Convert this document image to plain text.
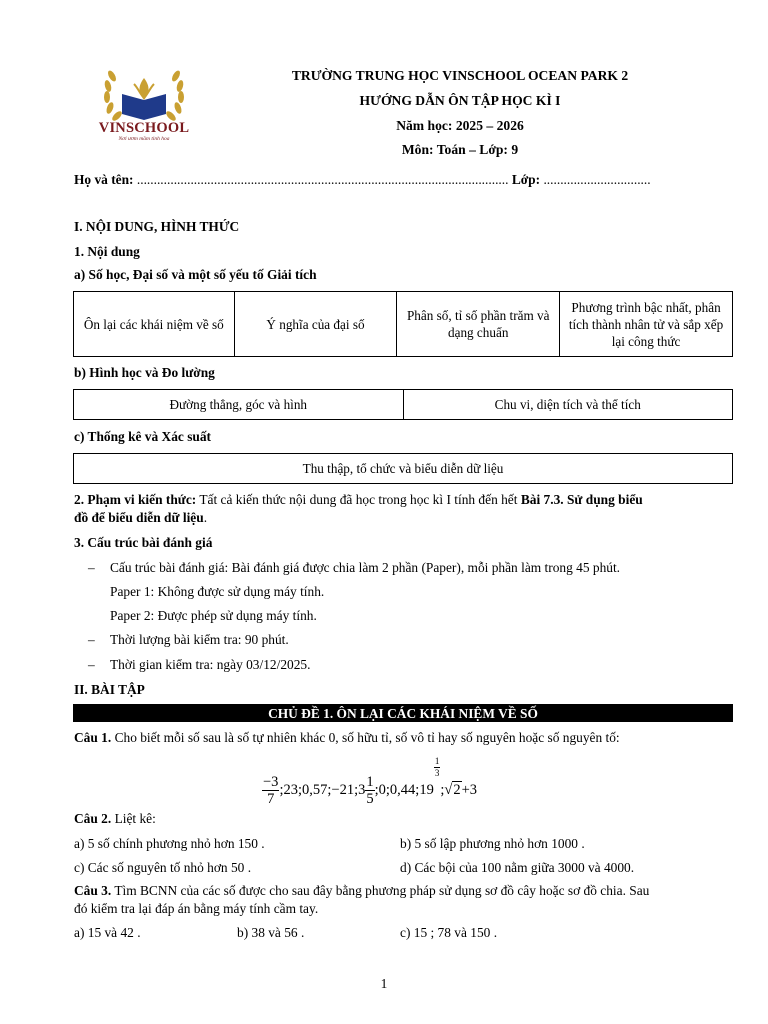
VINSCHOOL
Nơi ươm mầm tinh hoa
TRƯỜNG TRUNG HỌC VINSCHOOL OCEAN PARK 2
HƯỚNG DẪN ÔN TẬP HỌC KÌ I
Năm học: 2025 – 2026
Môn: Toán – Lớp: 9
Họ và tên: ............................................................................................................... Lớp: ................................
I. NỘI DUNG, HÌNH THỨC
1. Nội dung
a) Số học, Đại số và một số yếu tố Giải tích
Ôn lại các khái niệm về số	Ý nghĩa của đại số	Phân số, tỉ số phần trăm và dạng chuẩn	Phương trình bậc nhất, phân tích thành nhân tử và sắp xếp lại công thức
b) Hình học và Đo lường
Đường thẳng, góc và hình	Chu vi, diện tích và thể tích
c) Thống kê và Xác suất
Thu thập, tổ chức và biểu diễn dữ liệu
2. Phạm vi kiến thức: Tất cả kiến thức nội dung đã học trong học kì I tính đến hết Bài 7.3. Sử dụng biểu
đồ để biểu diễn dữ liệu.
3. Cấu trúc bài đánh giá
– Cấu trúc bài đánh giá: Bài đánh giá được chia làm 2 phần (Paper), mỗi phần làm trong 45 phút.
Paper 1: Không được sử dụng máy tính.
Paper 2: Được phép sử dụng máy tính.
– Thời lượng bài kiểm tra: 90 phút.
– Thời gian kiểm tra: ngày 03/12/2025.
II. BÀI TẬP
CHỦ ĐỀ 1. ÔN LẠI CÁC KHÁI NIỆM VỀ SỐ
Câu 1. Cho biết mỗi số sau là số tự nhiên khác 0, số hữu tỉ, số vô tỉ hay số nguyên hoặc số nguyên tố:
$\frac{-3}{7}$ ;23;0,57;−21;3 $\frac{1}{5}$ ;0;0,44;19
$\frac{1}{3}$
;√2+3
Câu 2. Liệt kê:
a) 5 số chính phương nhỏ hơn 150 .	b) 5 số lập phương nhỏ hơn 1000 .
c) Các số nguyên tố nhỏ hơn 50 .	d) Các bội của 100 nằm giữa 3000 và 4000.
Câu 3. Tìm BCNN của các số được cho sau đây bằng phương pháp sử dụng sơ đồ cây hoặc sơ đồ chia. Sau
đó kiểm tra lại đáp án bằng máy tính cầm tay.
a) 15 và 42 .	b) 38 và 56 .	c) 15 ; 78 và 150 .
1
